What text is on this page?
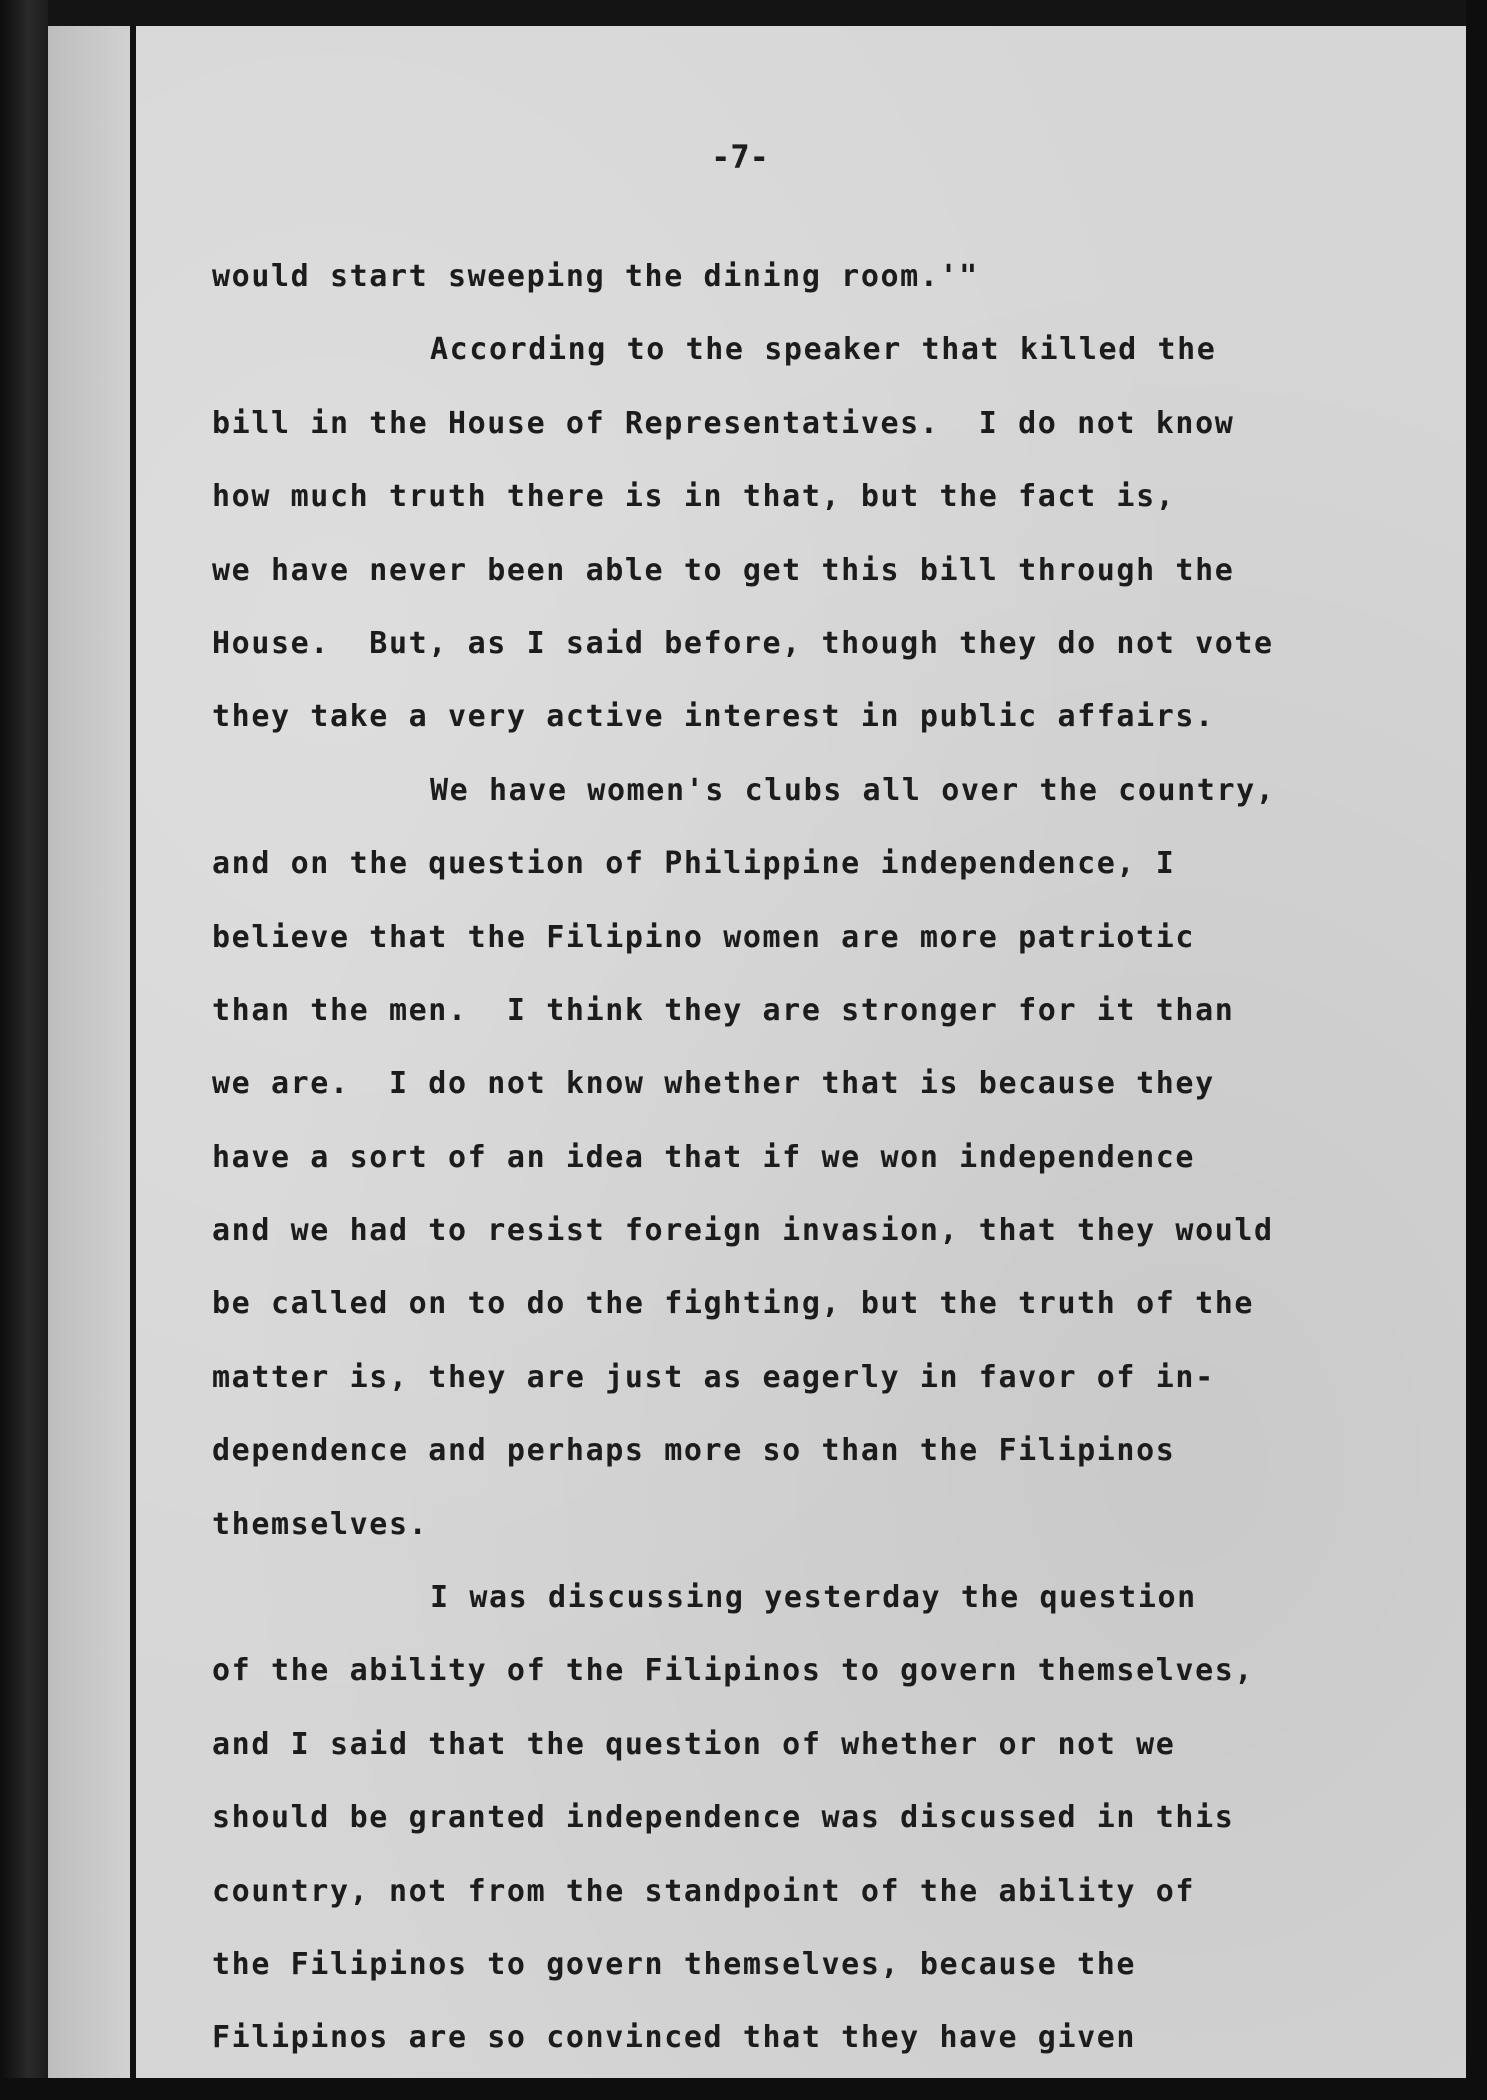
-7-

would start sweeping the dining room.'"
According to the speaker that killed the
bill in the House of Representatives.  I do not know
how much truth there is in that, but the fact is,
we have never been able to get this bill through the
House.  But, as I said before, though they do not vote
they take a very active interest in public affairs.
We have women's clubs all over the country,
and on the question of Philippine independence, I
believe that the Filipino women are more patriotic
than the men.  I think they are stronger for it than
we are.  I do not know whether that is because they
have a sort of an idea that if we won independence
and we had to resist foreign invasion, that they would
be called on to do the fighting, but the truth of the
matter is, they are just as eagerly in favor of in-
dependence and perhaps more so than the Filipinos
themselves.
I was discussing yesterday the question
of the ability of the Filipinos to govern themselves,
and I said that the question of whether or not we
should be granted independence was discussed in this
country, not from the standpoint of the ability of
the Filipinos to govern themselves, because the
Filipinos are so convinced that they have given
